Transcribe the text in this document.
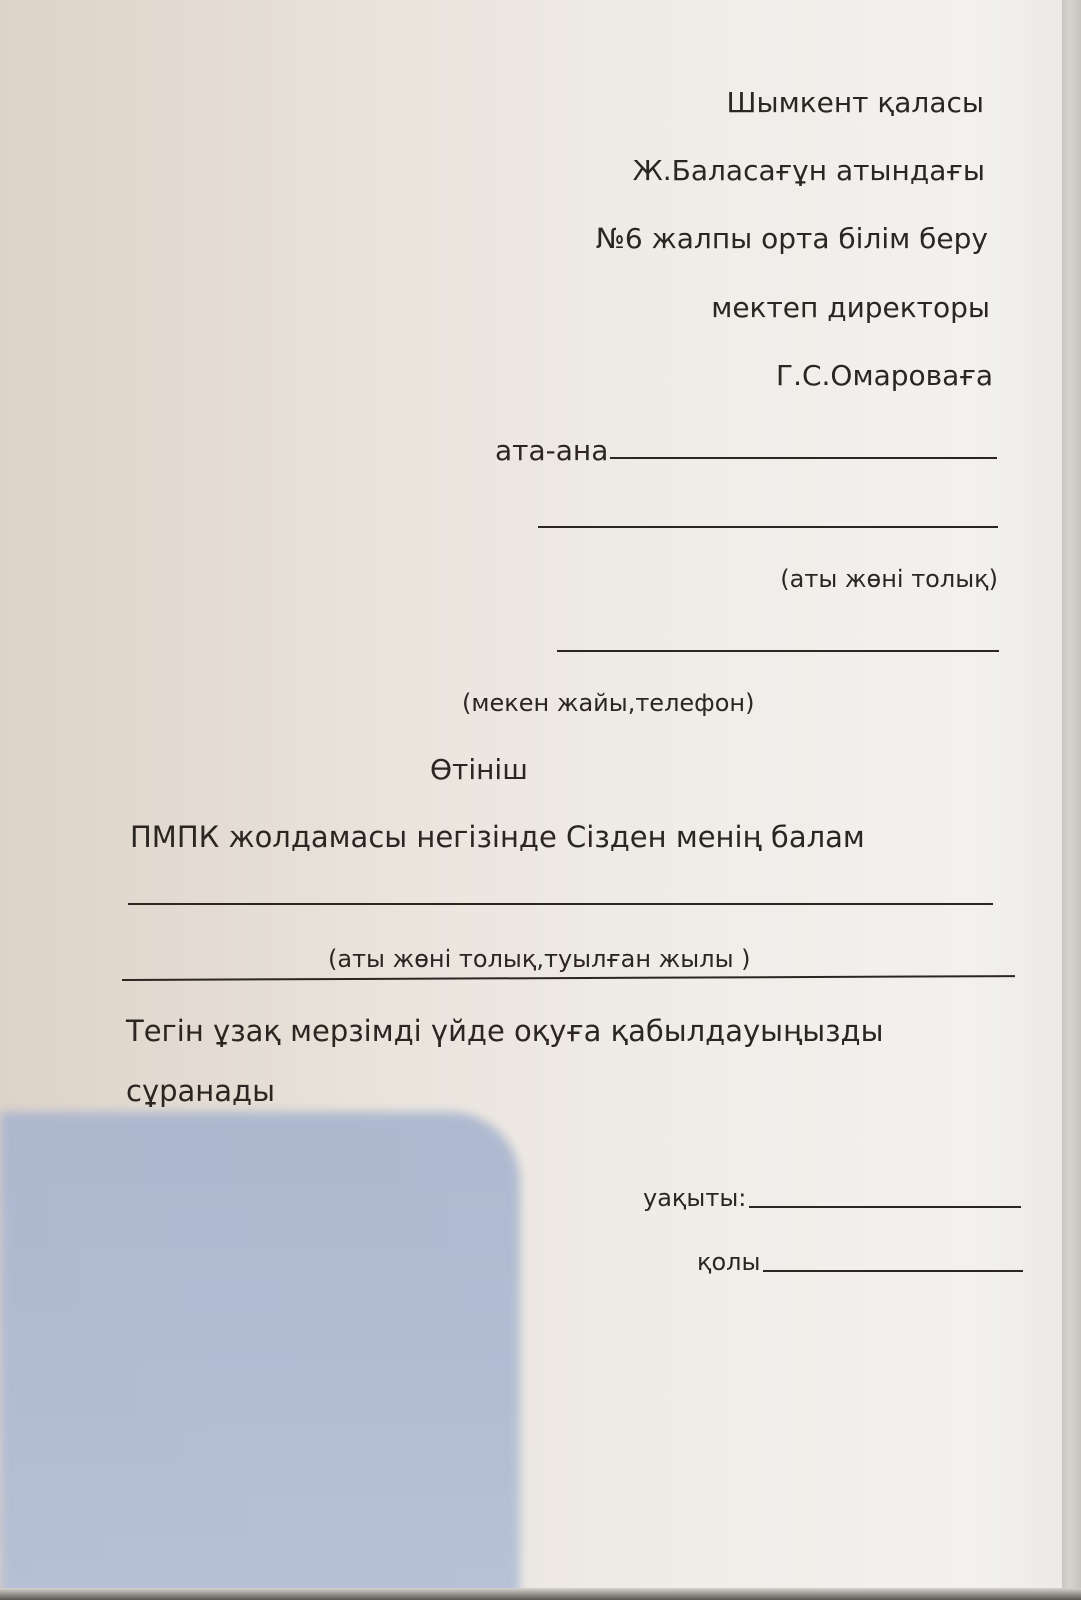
Шымкент қаласы
Ж.Баласағұн атындағы
№6 жалпы орта білім беру
мектеп директоры
Г.С.Омароваға
ата-ана
(аты жөні толық)
(мекен жайы,телефон)
Өтініш
ПМПК жолдамасы негізінде Сізден менің балам
(аты жөні толық,туылған жылы )
Тегін ұзақ мерзімді үйде оқуға қабылдауыңызды
сұранады
уақыты:
қолы
